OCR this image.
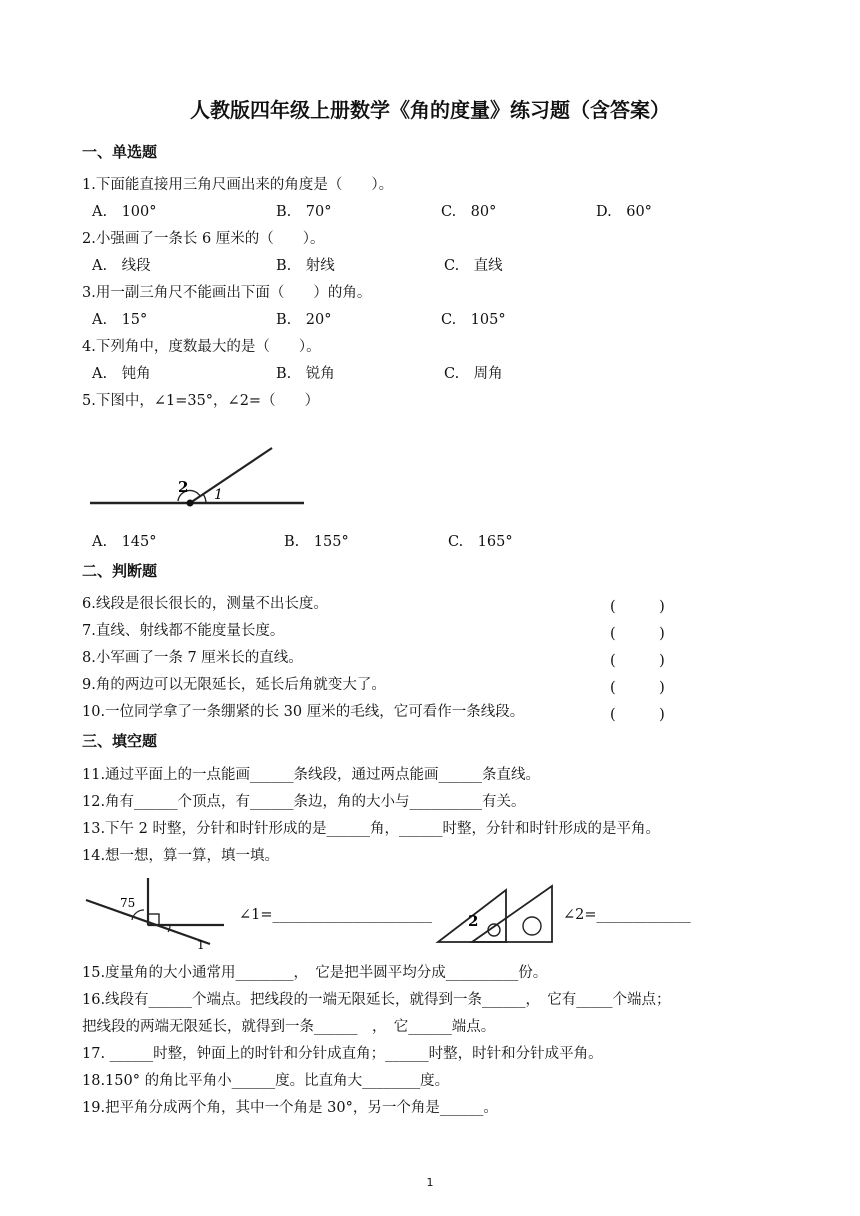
人教版四年级上册数学《角的度量》练习题（含答案）
一、单选题
1.下面能直接用三角尺画出来的角度是（　　）。
A.　100°	B.　70°	C.　80°	D.　60°
2.小强画了一条长 6 厘米的（　　）。
A.　线段	B.　射线	C.　直线
3.用一副三角尺不能画出下面（　　）的角。
A.　15°	B.　20°	C.　105°
4.下列角中，度数最大的是（　　）。
A.　钝角	B.　锐角	C.　周角
5.下图中，∠1=35°，∠2=（　　）
1
2
A.　145°	B.　155°	C.　165°
二、判断题
6.线段是很长很长的，测量不出长度。	(　　　)
7.直线、射线都不能度量长度。	(　　　)
8.小军画了一条 7 厘米长的直线。	(　　　)
9.角的两边可以无限延长，延长后角就变大了。	(　　　)
10.一位同学拿了一条绷紧的长 30 厘米的毛线，它可看作一条线段。	(　　　)
三、填空题
11.通过平面上的一点能画______条线段，通过两点能画______条直线。
12.角有______个顶点，有______条边，角的大小与__________有关。
13.下午 2 时整，分针和时针形成的是______角，______时整，分针和时针形成的是平角。
14.想一想，算一算，填一填。
75
1
∠1=______________________ 2	∠2=_____________
15.度量角的大小通常用________，　它是把半圆平均分成__________份。
16.线段有______个端点。把线段的一端无限延长，就得到一条______，　它有_____个端点；
把线段的两端无限延长，就得到一条______　，　它______端点。
17. ______时整，钟面上的时针和分针成直角；______时整，时针和分针成平角。
18.150° 的角比平角小______度。比直角大________度。
19.把平角分成两个角，其中一个角是 30°，另一个角是______。
1
